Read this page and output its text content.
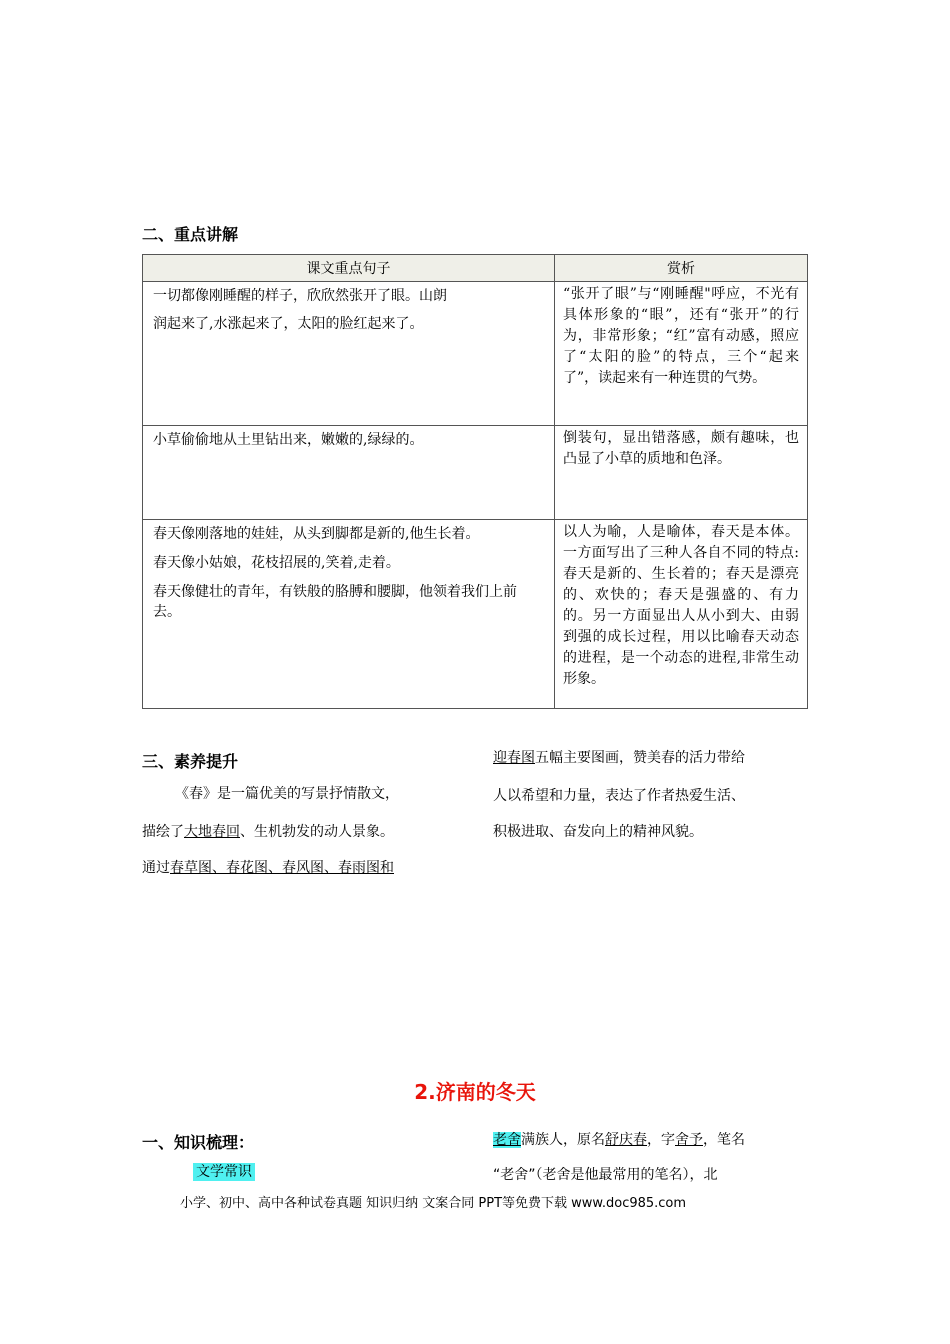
二、重点讲解
课文重点句子	赏析

一切都像刚睡醒的样子，欣欣然张开了眼。山朗

润起来了,水涨起来了，太阳的脸红起来了。	“张开了眼”与“刚睡醒"呼应，不光有具体形象的“眼”，还有“张开”的行为，非常形象；“红”富有动感，照应了“太阳的脸”的特点，三个“起来了”，读起来有一种连贯的气势。

小草偷偷地从土里钻出来，嫩嫩的,绿绿的。	倒装句，显出错落感，颇有趣味，也凸显了小草的质地和色泽。

春天像刚落地的娃娃，从头到脚都是新的,他生长着。

春天像小姑娘，花枝招展的,笑着,走着。

春天像健壮的青年，有铁般的胳膊和腰脚，他领着我们上前去。	以人为喻，人是喻体，春天是本体。一方面写出了三种人各自不同的特点:春天是新的、生长着的；春天是漂亮的、欢快的；春天是强盛的、有力的。另一方面显出人从小到大、由弱到强的成长过程，用以比喻春天动态的进程，是一个动态的进程,非常生动形象。
三、素养提升
《春》是一篇优美的写景抒情散文，
描绘了大地春回、生机勃发的动人景象。
通过春草图、春花图、春风图、春雨图和
迎春图五幅主要图画，赞美春的活力带给
人以希望和力量，表达了作者热爱生活、
积极进取、奋发向上的精神风貌。
2.济南的冬天
一、知识梳理：
文学常识
老舍满族人，原名舒庆春，字舍予，笔名
“老舍”（老舍是他最常用的笔名），北
小学、初中、高中各种试卷真题 知识归纳 文案合同 PPT等免费下载 www.doc985.com
